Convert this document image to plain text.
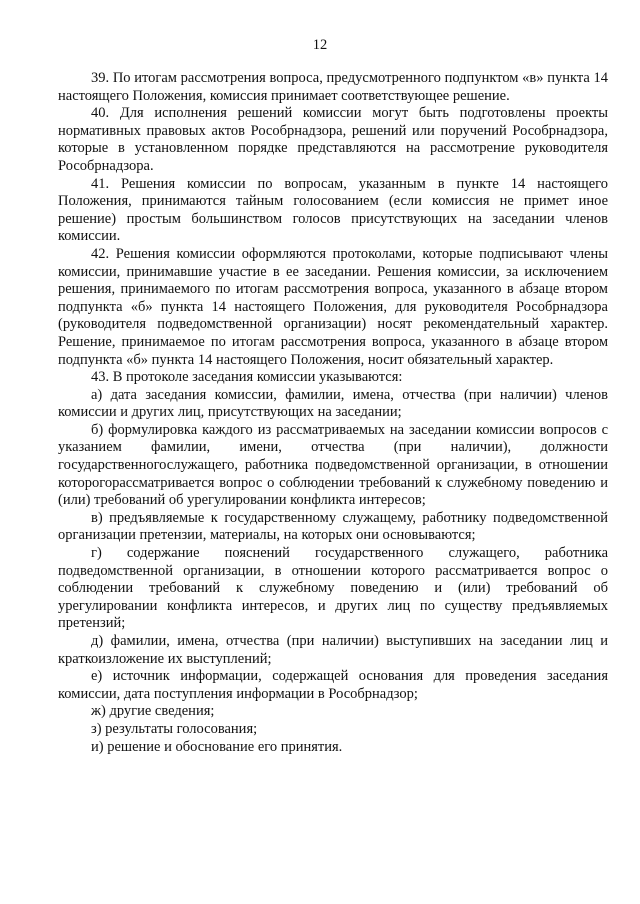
12

39. По итогам рассмотрения вопроса, предусмотренного подпунктом «в» пункта 14 настоящего Положения, комиссия принимает соответствующее решение.

40. Для исполнения решений комиссии могут быть подготовлены проекты нормативных правовых актов Рособрнадзора, решений или поручений Рособрнадзора, которые в установленном порядке представляются на рассмотрение руководителя Рособрнадзора.

41. Решения комиссии по вопросам, указанным в пункте 14 настоящего Положения, принимаются тайным голосованием (если комиссия не примет иное решение) простым большинством голосов присутствующих на заседании членов комиссии.

42. Решения комиссии оформляются протоколами, которые подписывают члены комиссии, принимавшие участие в ее заседании. Решения комиссии, за исключением решения, принимаемого по итогам рассмотрения вопроса, указанного в абзаце втором подпункта «б» пункта 14 настоящего Положения, для руководителя Рособрнадзора (руководителя подведомственной организации) носят рекомендательный характер. Решение, принимаемое по итогам рассмотрения вопроса, указанного в абзаце втором подпункта «б» пункта 14 настоящего Положения, носит обязательный характер.

43. В протоколе заседания комиссии указываются:

а) дата заседания комиссии, фамилии, имена, отчества (при наличии) членов комиссии и других лиц, присутствующих на заседании;

б) формулировка каждого из рассматриваемых на заседании комиссии вопросов с указанием фамилии, имени, отчества (при наличии), должности государственногослужащего, работника подведомственной организации, в отношении которогорассматривается вопрос о соблюдении требований к служебному поведению и (или) требований об урегулировании конфликта интересов;

в) предъявляемые к государственному служащему, работнику подведомственной организации претензии, материалы, на которых они основываются;

г) содержание пояснений государственного служащего, работника подведомственной организации, в отношении которого рассматривается вопрос о соблюдении требований к служебному поведению и (или) требований об урегулировании конфликта интересов, и других лиц по существу предъявляемых претензий;

д) фамилии, имена, отчества (при наличии) выступивших на заседании лиц и краткоизложение их выступлений;

е) источник информации, содержащей основания для проведения заседания комиссии, дата поступления информации в Рособрнадзор;

ж) другие сведения;

з) результаты голосования;

и) решение и обоснование его принятия.
